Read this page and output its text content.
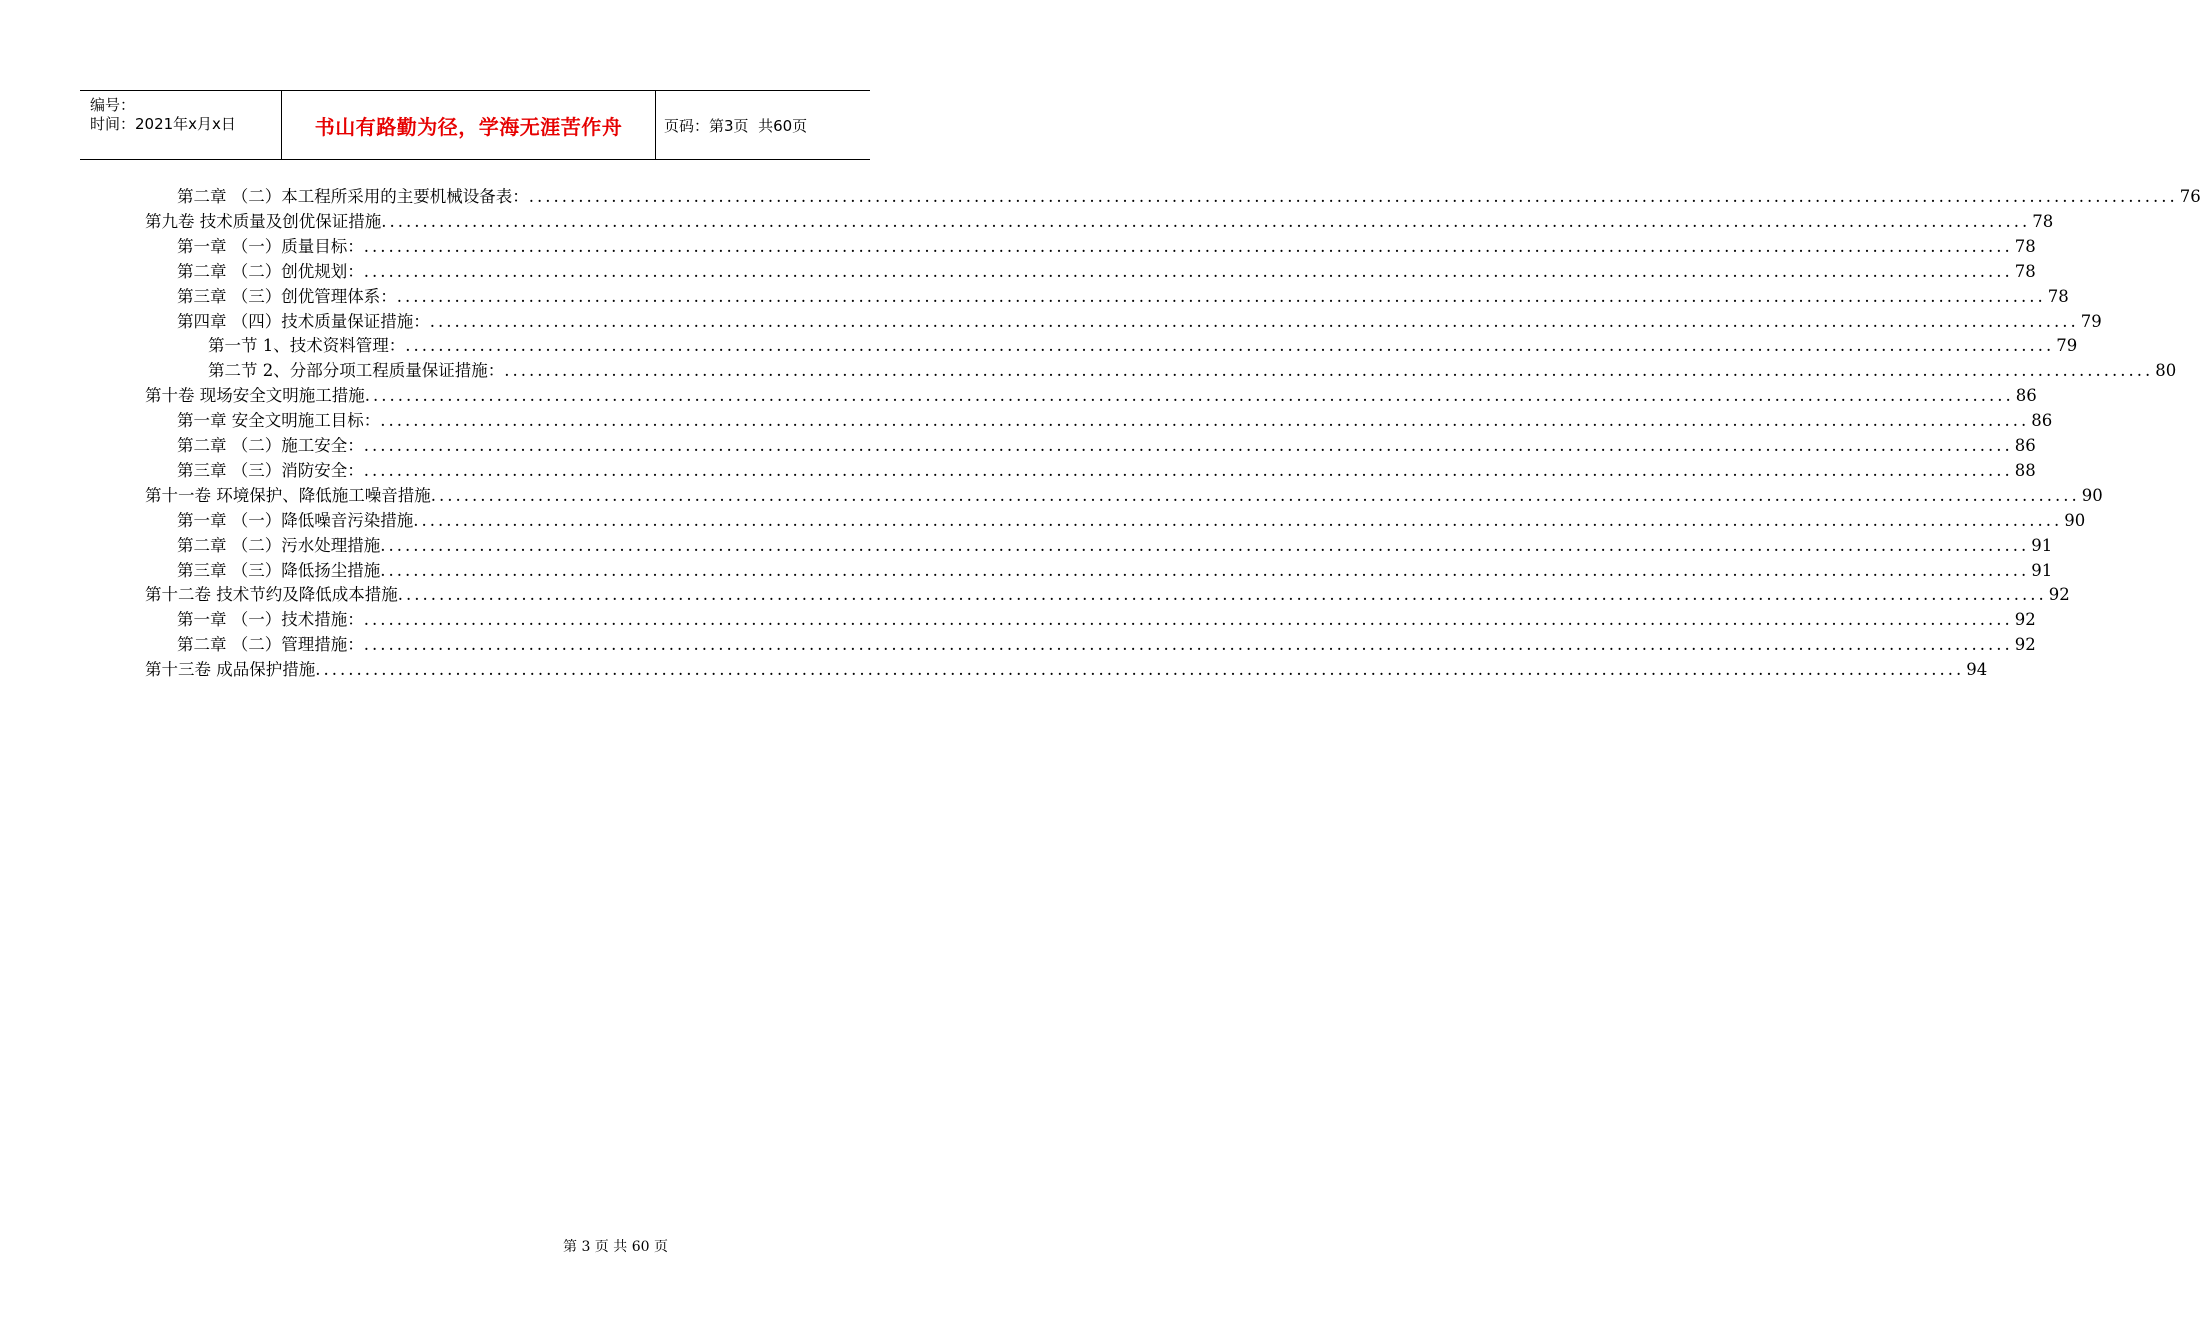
编号：
时间：2021年x月x日	书山有路勤为径，学海无涯苦作舟	页码：第3页  共60页
第二章 （二）本工程所采用的主要机械设备表： ........................................................................................................................................................................................................ 76
第九卷 技术质量及创优保证措施 ........................................................................................................................................................................................................ 78
第一章 （一）质量目标： ........................................................................................................................................................................................................ 78
第二章 （二）创优规划： ........................................................................................................................................................................................................ 78
第三章 （三）创优管理体系： ........................................................................................................................................................................................................ 78
第四章 （四）技术质量保证措施： ........................................................................................................................................................................................................ 79
第一节 1、技术资料管理： ........................................................................................................................................................................................................ 79
第二节 2、分部分项工程质量保证措施： ........................................................................................................................................................................................................ 80
第十卷 现场安全文明施工措施 ........................................................................................................................................................................................................ 86
第一章 安全文明施工目标： ........................................................................................................................................................................................................ 86
第二章 （二）施工安全： ........................................................................................................................................................................................................ 86
第三章 （三）消防安全： ........................................................................................................................................................................................................ 88
第十一卷 环境保护、降低施工噪音措施 ........................................................................................................................................................................................................ 90
第一章 （一）降低噪音污染措施 ........................................................................................................................................................................................................ 90
第二章 （二）污水处理措施 ........................................................................................................................................................................................................ 91
第三章 （三）降低扬尘措施 ........................................................................................................................................................................................................ 91
第十二卷 技术节约及降低成本措施 ........................................................................................................................................................................................................ 92
第一章 （一）技术措施： ........................................................................................................................................................................................................ 92
第二章 （二）管理措施： ........................................................................................................................................................................................................ 92
第十三卷 成品保护措施 ........................................................................................................................................................................................................ 94
第 3 页 共 60 页
